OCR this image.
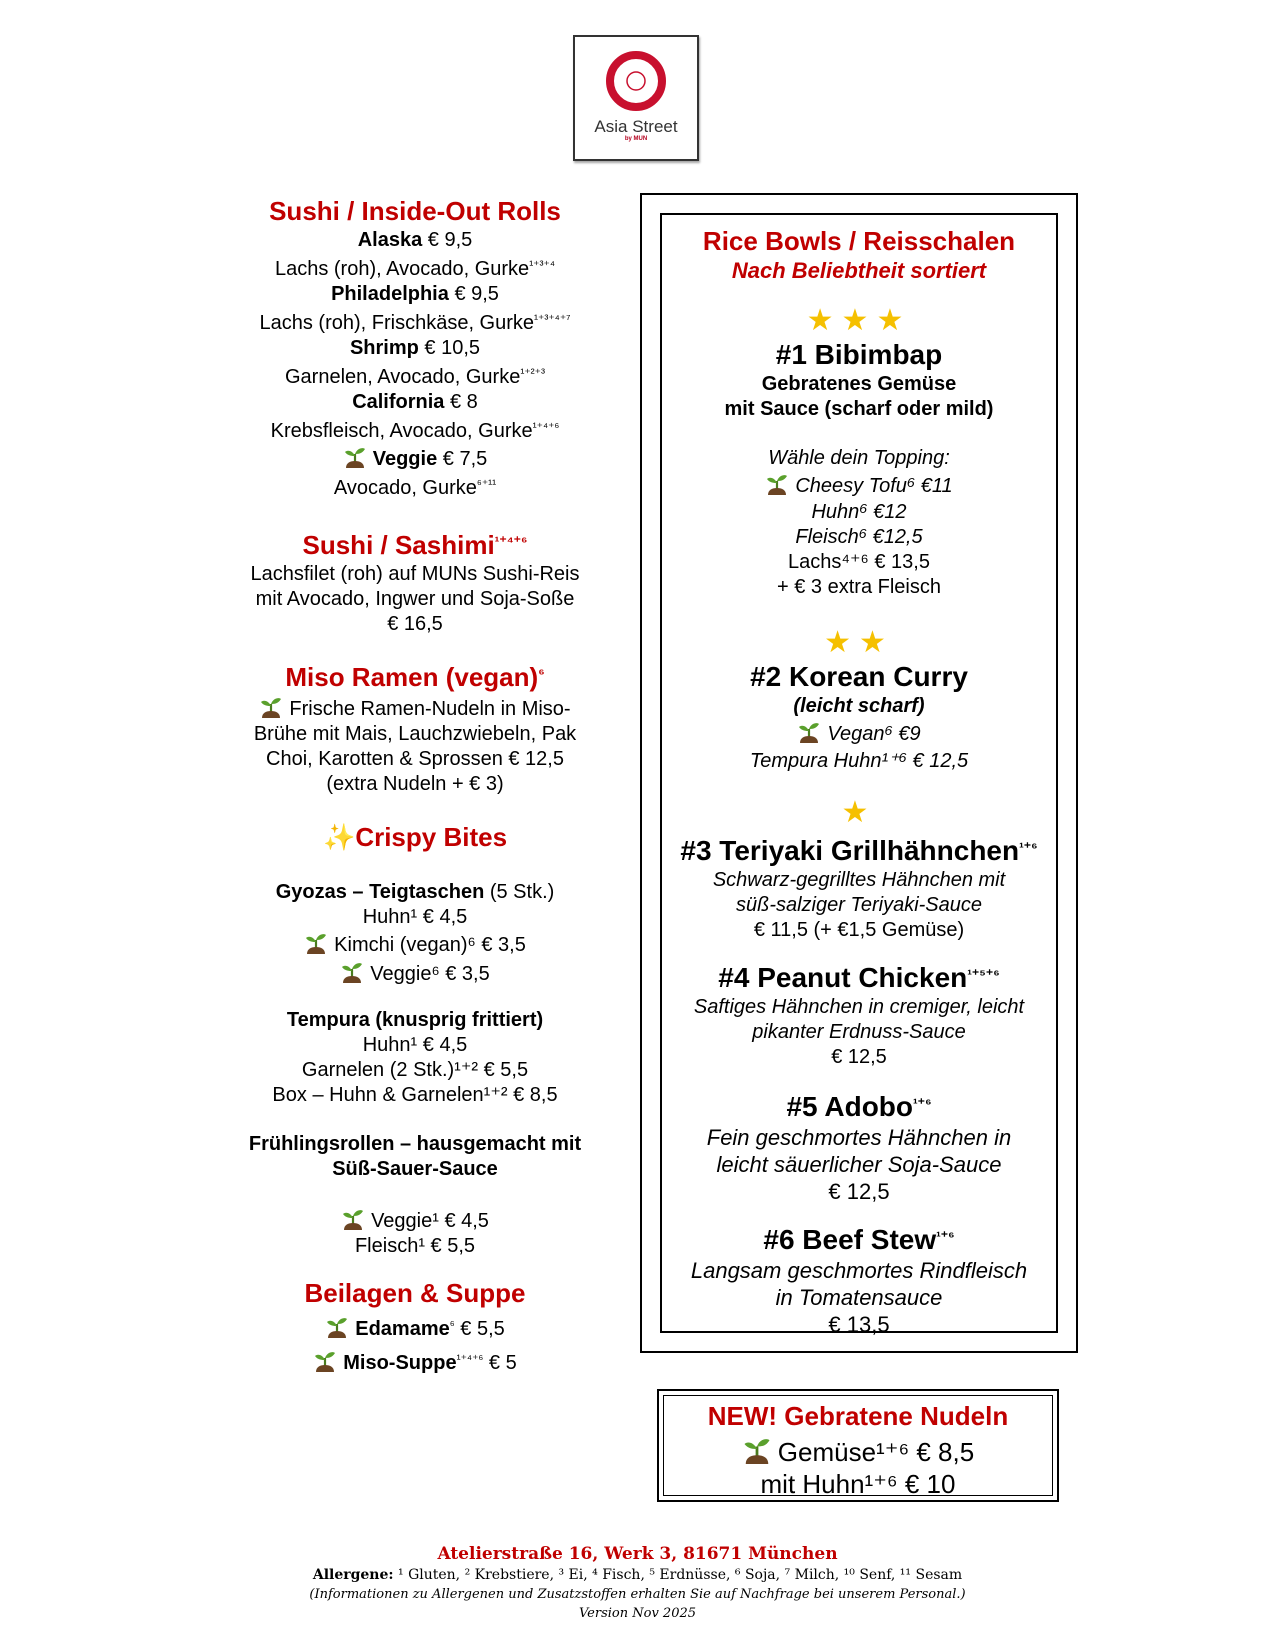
Asia Street
by MUN
Sushi / Inside-Out Rolls
Alaska € 9,5
Lachs (roh), Avocado, Gurke$^{^{1+3+4}}$
Philadelphia € 9,5
Lachs (roh), Frischkäse, Gurke$^{^{1+3+4+7}}$
Shrimp € 10,5
Garnelen, Avocado, Gurke$^{^{1+2+3}}$
California € 8
Krebsfleisch, Avocado, Gurke$^{^{1+4+6}}$
Veggie € 7,5
Avocado, Gurke$^{^{6+11}}$
Sushi / Sashimi$^{^{1+4+6}}$
Lachsfilet (roh) auf MUNs Sushi-Reis
mit Avocado, Ingwer und Soja-Soße
€ 16,5
Miso Ramen (vegan)$^{^6}$
Frische Ramen-Nudeln in Miso-
Brühe mit Mais, Lauchzwiebeln, Pak
Choi, Karotten & Sprossen € 12,5
(extra Nudeln + € 3)
✨Crispy Bites
Gyozas – Teigtaschen (5 Stk.)
Huhn¹ € 4,5
Kimchi (vegan)⁶ € 3,5
Veggie⁶ € 3,5
Tempura (knusprig frittiert)
Huhn¹ € 4,5
Garnelen (2 Stk.)¹⁺² € 5,5
Box – Huhn & Garnelen¹⁺² € 8,5
Frühlingsrollen – hausgemacht mit
Süß-Sauer-Sauce
Veggie¹ € 4,5
Fleisch¹ € 5,5
Beilagen & Suppe
Edamame$^{^6}$ € 5,5
Miso-Suppe$^{^{1+4+6}}$ € 5
Rice Bowls / Reisschalen
Nach Beliebtheit sortiert
★★★
#1 Bibimbap
Gebratenes Gemüse
mit Sauce (scharf oder mild)
Wähle dein Topping:
Cheesy Tofu⁶ €11
Huhn⁶ €12
Fleisch⁶ €12,5
Lachs⁴⁺⁶ € 13,5
+ € 3 extra Fleisch
★★
#2 Korean Curry
(leicht scharf)
Vegan⁶ €9
Tempura Huhn¹⁺⁶ € 12,5
★
#3 Teriyaki Grillhähnchen$^{^{1+6}}$
Schwarz-gegrilltes Hähnchen mit
süß-salziger Teriyaki-Sauce
€ 11,5 (+ €1,5 Gemüse)
#4 Peanut Chicken$^{^{1+5+6}}$
Saftiges Hähnchen in cremiger, leicht
pikanter Erdnuss-Sauce
€ 12,5
#5 Adobo$^{^{1+6}}$
Fein geschmortes Hähnchen in
leicht säuerlicher Soja-Sauce
€ 12,5
#6 Beef Stew$^{^{1+6}}$
Langsam geschmortes Rindfleisch
in Tomatensauce
€ 13,5
NEW! Gebratene Nudeln
Gemüse¹⁺⁶ € 8,5
mit Huhn¹⁺⁶ € 10
Atelierstraße 16, Werk 3, 81671 München
Allergene: ¹ Gluten, ² Krebstiere, ³ Ei, ⁴ Fisch, ⁵ Erdnüsse, ⁶ Soja, ⁷ Milch, ¹⁰ Senf, ¹¹ Sesam
(Informationen zu Allergenen und Zusatzstoffen erhalten Sie auf Nachfrage bei unserem Personal.)
Version Nov 2025
